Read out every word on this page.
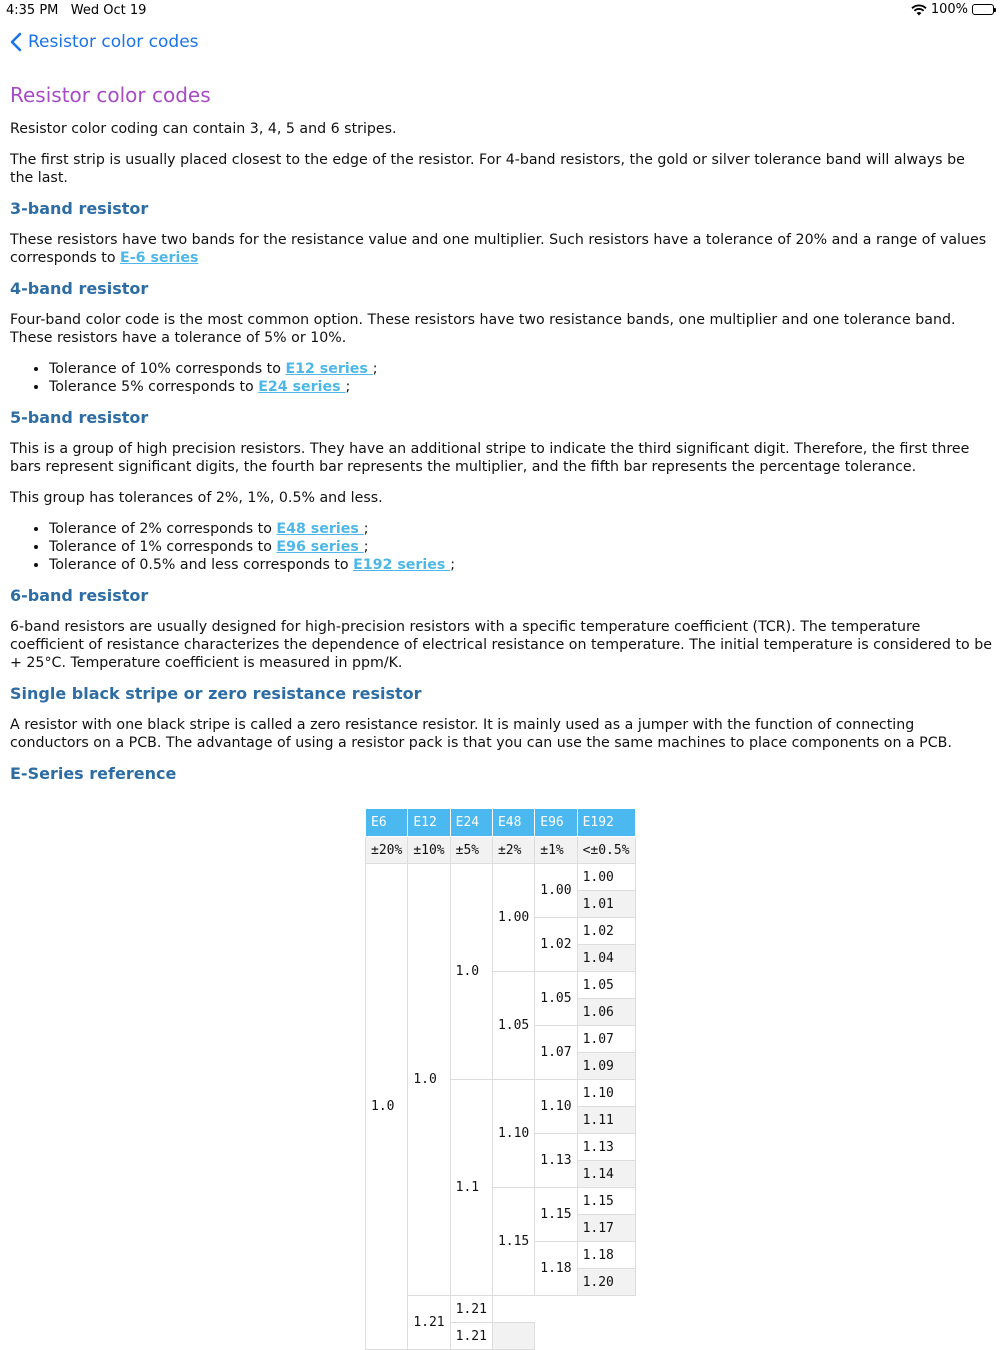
4:35 PM Wed Oct 19	100%
Resistor color codes
Resistor color codes

Resistor color coding can contain 3, 4, 5 and 6 stripes.

The first strip is usually placed closest to the edge of the resistor. For 4-band resistors, the gold or silver tolerance band will always be the last.

3-band resistor

These resistors have two bands for the resistance value and one multiplier. Such resistors have a tolerance of 20% and a range of values corresponds to E-6 series

4-band resistor

Four-band color code is the most common option. These resistors have two resistance bands, one multiplier and one tolerance band. These resistors have a tolerance of 5% or 10%.

• Tolerance of 10% corresponds to E12 series ;
• Tolerance 5% corresponds to E24 series ;
5-band resistor

This is a group of high precision resistors. They have an additional stripe to indicate the third significant digit. Therefore, the first three bars represent significant digits, the fourth bar represents the multiplier, and the fifth bar represents the percentage tolerance.

This group has tolerances of 2%, 1%, 0.5% and less.

• Tolerance of 2% corresponds to E48 series ;
• Tolerance of 1% corresponds to E96 series ;
• Tolerance of 0.5% and less corresponds to E192 series ;
6-band resistor

6-band resistors are usually designed for high-precision resistors with a specific temperature coefficient (TCR). The temperature coefficient of resistance characterizes the dependence of electrical resistance on temperature. The initial temperature is considered to be + 25°C. Temperature coefficient is measured in ppm/K.

Single black stripe or zero resistance resistor

A resistor with one black stripe is called a zero resistance resistor. It is mainly used as a jumper with the function of connecting conductors on a PCB. The advantage of using a resistor pack is that you can use the same machines to place components on a PCB.

E-Series reference
E6	E12	E24	E48	E96	E192
±20%	±10%	±5%	±2%	±1%	<±0.5%
1.0	1.0	1.0	1.00	1.00	1.00
					1.01
				1.02	1.02
					1.04
			1.05	1.05	1.05
					1.06
				1.07	1.07
					1.09
		1.1	1.10	1.10	1.10
					1.11
				1.13	1.13
					1.14
			1.15	1.15	1.15
					1.17
				1.18	1.18
					1.20
	1.21	1.21			
		1.21			
